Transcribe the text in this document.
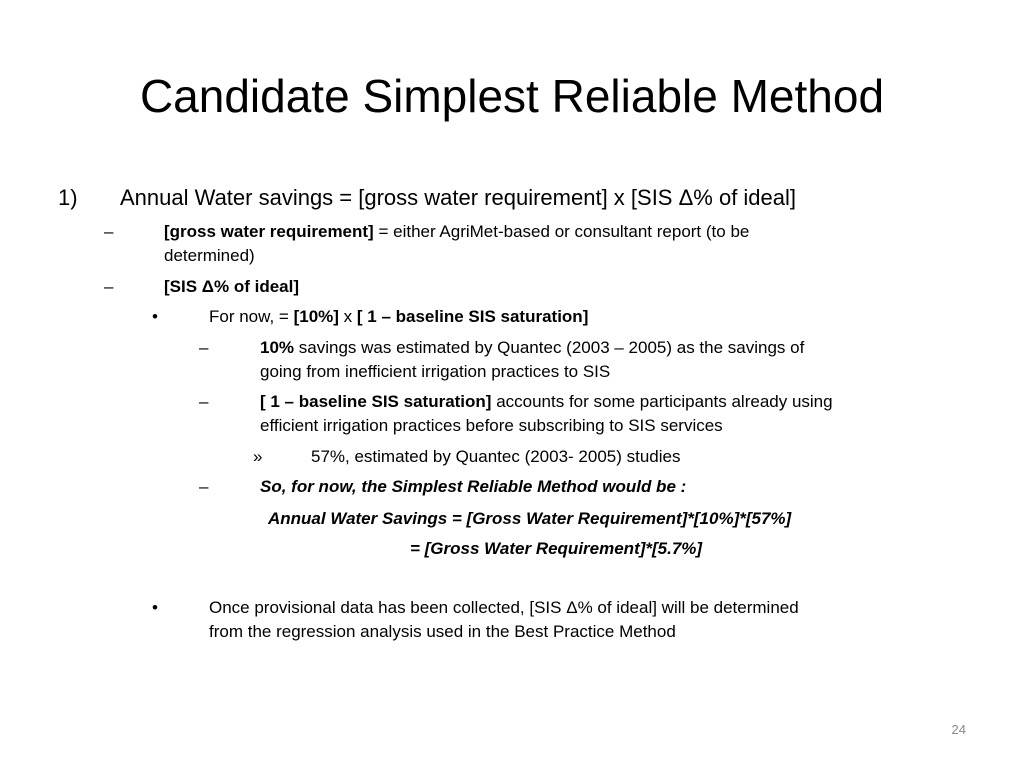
Candidate Simplest Reliable Method
1) Annual Water savings = [gross water requirement] x [SIS Δ% of ideal]
–	[gross water requirement] = either AgriMet-based or consultant report (to be
determined)
–	[SIS Δ% of ideal]
•	For now, = [10%] x [ 1 – baseline SIS saturation]
–	10% savings was estimated by Quantec (2003 – 2005) as the savings of
going from inefficient irrigation practices to SIS
–	[ 1 – baseline SIS saturation] accounts for some participants already using
efficient irrigation practices before subscribing to SIS services
»	57%, estimated by Quantec (2003- 2005) studies
–	So, for now, the Simplest Reliable Method would be :
Annual Water Savings = [Gross Water Requirement]*[10%]*[57%]
= [Gross Water Requirement]*[5.7%]
•	Once provisional data has been collected, [SIS Δ% of ideal] will be determined
from the regression analysis used in the Best Practice Method
24
